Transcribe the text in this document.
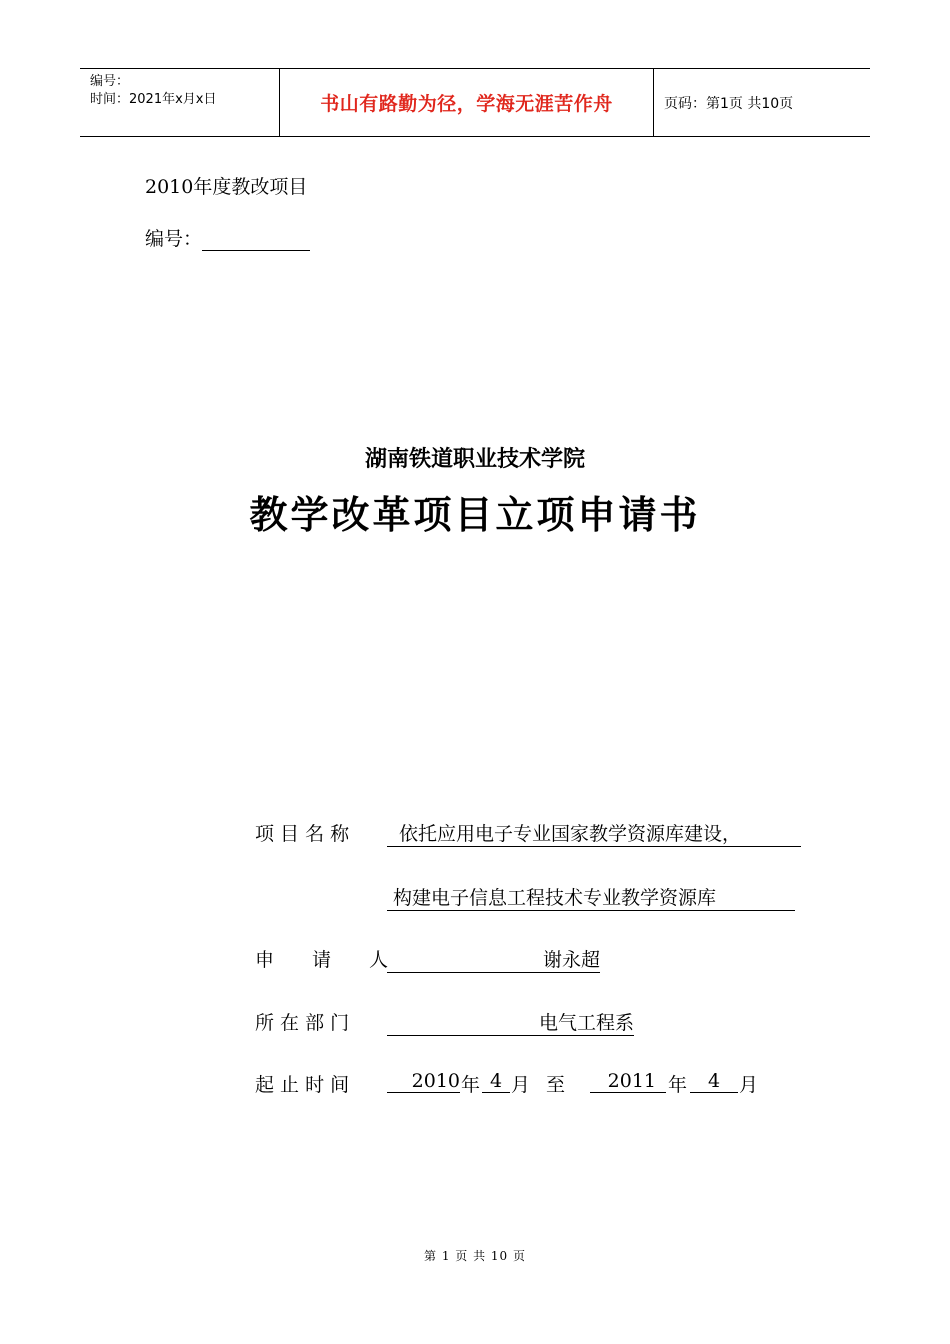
编号：
时间：2021年x月x日	书山有路勤为径，学海无涯苦作舟	页码：第1页 共10页
2010年度教改项目
编号：
湖南铁道职业技术学院
教学改革项目立项申请书
项 目 名 称	依托应用电子专业国家教学资源库建设，
构建电子信息工程技术专业教学资源库
申　　请　　人	谢永超
所 在 部 门	电气工程系
起 止 时 间	2010 年 4 月 至	2011 年	4 月
第 1 页 共 10 页
